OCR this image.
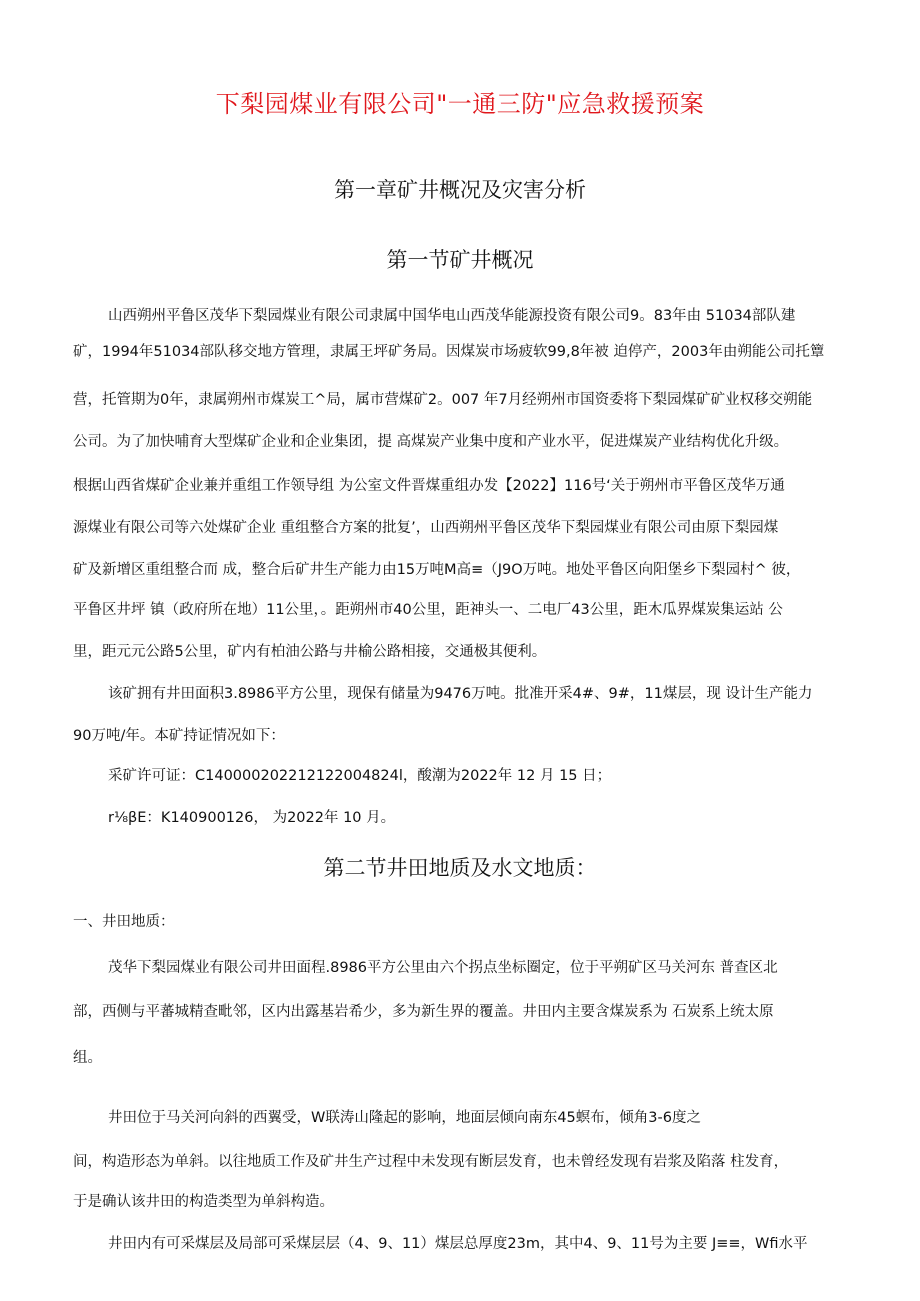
下梨园煤业有限公司"一通三防"应急救援预案
第一章矿井概况及灾害分析
第一节矿井概况
山西朔州平鲁区茂华下梨园煤业有限公司隶属中国华电山西茂华能源投资有限公司9。83年由 51034部队建
矿，1994年51034部队移交地方管理，隶属王坪矿务局。因煤炭市场疲软99,8年被 迫停产，2003年由朔能公司托簟
营，托管期为0年，隶属朔州市煤炭工^局，属市营煤矿2。007 年7月经朔州市国资委将下梨园煤矿矿业权移交朔能
公司。为了加快哺育大型煤矿企业和企业集团，提 高煤炭产业集中度和产业水平，促进煤炭产业结构优化升级。
根据山西省煤矿企业兼并重组工作领导组 为公室文件晋煤重组办发【2022】116号‘关于朔州市平鲁区茂华万通
源煤业有限公司等六处煤矿企业 重组整合方案的批复’，山西朔州平鲁区茂华下梨园煤业有限公司由原下梨园煤
矿及新增区重组整合而 成，整合后矿井生产能力由15万吨M高≡（J9O万吨。地处平鲁区向阳堡乡下梨园村^ 彼，
平鲁区井坪 镇（政府所在地）11公里，。距朔州市40公里，距神头一、二电厂43公里，距木瓜界煤炭集运站 公
里，距元元公路5公里，矿内有柏油公路与井榆公路相接，交通极其便利。
该矿拥有井田面积3.8986平方公里，现保有储量为9476万吨。批准开采4#、9#，11煤层，现 设计生产能力
90万吨/年。本矿持证情况如下：
采矿许可证：C140000202212122004824l，酸潮为2022年 12 月 15 日；
r⅛βE：K140900126， 为2022年 10 月。
第二节井田地质及水文地质：
一、井田地质：
茂华下梨园煤业有限公司井田面程.8986平方公里由六个拐点坐标圈定，位于平朔矿区马关河东 普查区北
部，西侧与平蕃城精查毗邻，区内出露基岩希少，多为新生界的覆盖。井田内主要含煤炭系为 石炭系上统太原
组。
井田位于马关河向斜的西翼受，W联涛山隆起的影响，地面层倾向南东45螟布，倾角3-6度之
间，构造形态为单斜。以往地质工作及矿井生产过程中未发现有断层发育，也未曾经发现有岩浆及陷落 柱发育，
于是确认该井田的构造类型为单斜构造。
井田内有可采煤层及局部可采煤层层（4、9、11）煤层总厚度23m，其中4、9、11号为主要 J≡≡，Wfi水平
